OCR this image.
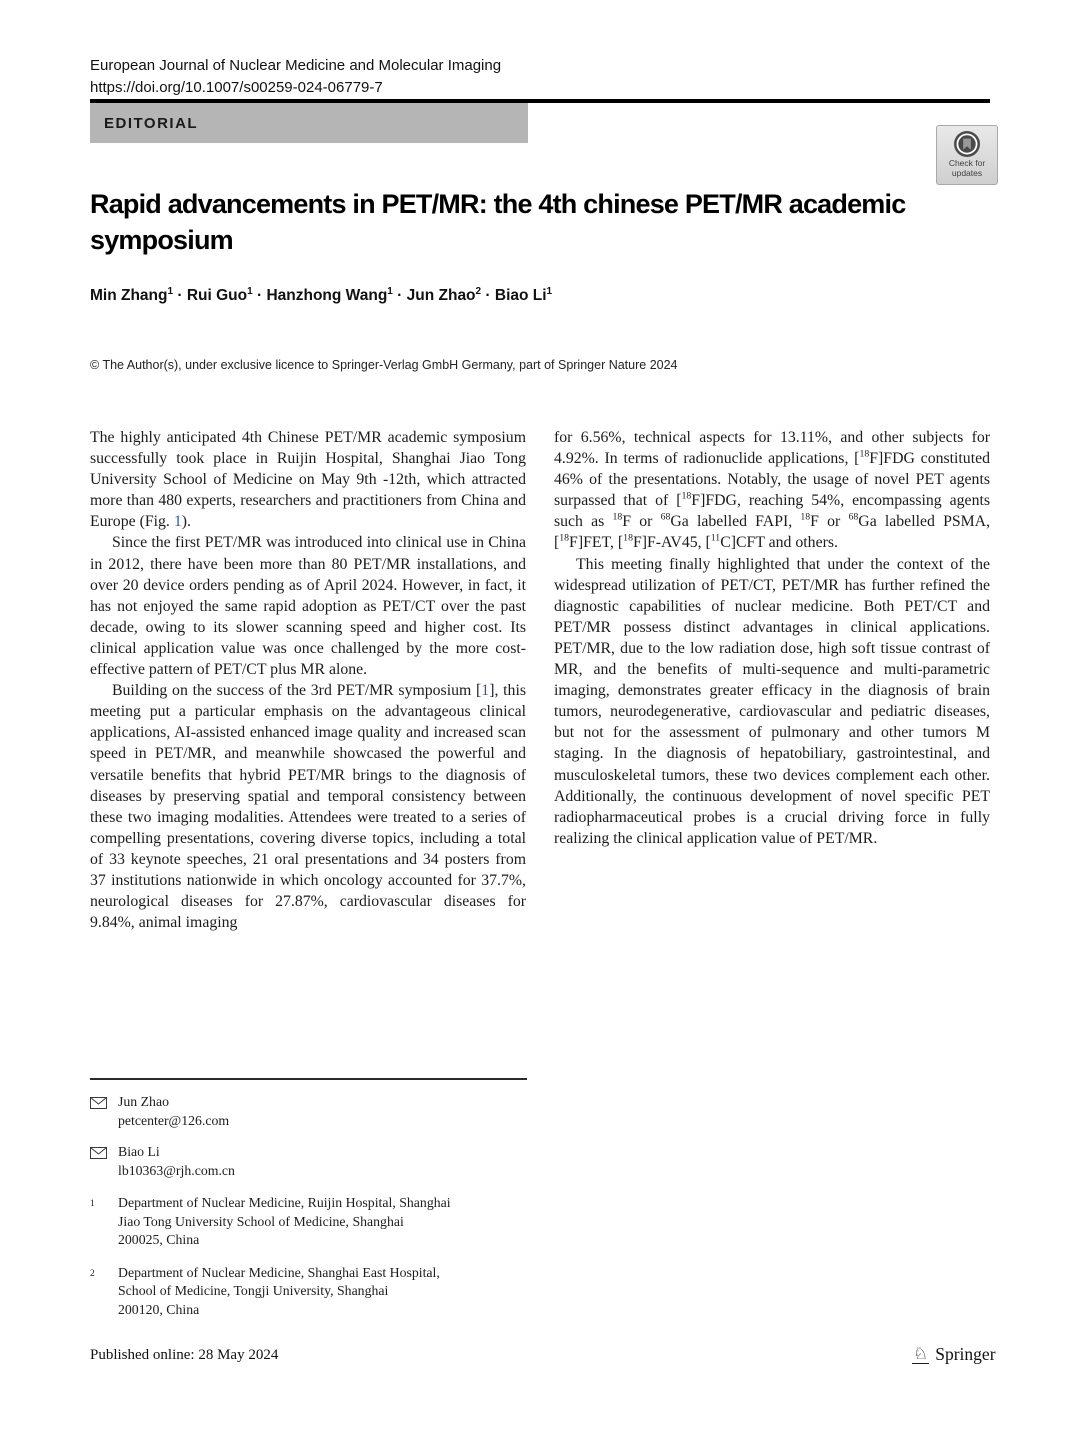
European Journal of Nuclear Medicine and Molecular Imaging
https://doi.org/10.1007/s00259-024-06779-7
EDITORIAL
Check for
updates
Rapid advancements in PET/MR: the 4th chinese PET/MR academic
symposium
Min Zhang$^1$ · Rui Guo$^1$ · Hanzhong Wang$^1$ · Jun Zhao$^2$ · Biao Li$^1$
© The Author(s), under exclusive licence to Springer-Verlag GmbH Germany, part of Springer Nature 2024

The highly anticipated 4th Chinese PET/MR academic symposium successfully took place in Ruijin Hospital, Shanghai Jiao Tong University School of Medicine on May 9th -12th, which attracted more than 480 experts, researchers and practitioners from China and Europe (Fig. 1).

Since the first PET/MR was introduced into clinical use in China in 2012, there have been more than 80 PET/MR installations, and over 20 device orders pending as of April 2024. However, in fact, it has not enjoyed the same rapid adoption as PET/CT over the past decade, owing to its slower scanning speed and higher cost. Its clinical application value was once challenged by the more cost-effective pattern of PET/CT plus MR alone.

Building on the success of the 3rd PET/MR symposium [1], this meeting put a particular emphasis on the advantageous clinical applications, AI-assisted enhanced image quality and increased scan speed in PET/MR, and meanwhile showcased the powerful and versatile benefits that hybrid PET/MR brings to the diagnosis of diseases by preserving spatial and temporal consistency between these two imaging modalities. Attendees were treated to a series of compelling presentations, covering diverse topics, including a total of 33 keynote speeches, 21 oral presentations and 34 posters from 37 institutions nationwide in which oncology accounted for 37.7%, neurological diseases for 27.87%, cardiovascular diseases for 9.84%, animal imaging

for 6.56%, technical aspects for 13.11%, and other subjects for 4.92%. In terms of radionuclide applications, [$^{18}$F]FDG constituted 46% of the presentations. Notably, the usage of novel PET agents surpassed that of [$^{18}$F]FDG, reaching 54%, encompassing agents such as $^{18}$F or $^{68}$Ga labelled FAPI, $^{18}$F or $^{68}$Ga labelled PSMA, [$^{18}$F]FET, [$^{18}$F]F-AV45, [$^{11}$C]CFT and others.

This meeting finally highlighted that under the context of the widespread utilization of PET/CT, PET/MR has further refined the diagnostic capabilities of nuclear medicine. Both PET/CT and PET/MR possess distinct advantages in clinical applications. PET/MR, due to the low radiation dose, high soft tissue contrast of MR, and the benefits of multi-sequence and multi-parametric imaging, demonstrates greater efficacy in the diagnosis of brain tumors, neurodegenerative, cardiovascular and pediatric diseases, but not for the assessment of pulmonary and other tumors M staging. In the diagnosis of hepatobiliary, gastrointestinal, and musculoskeletal tumors, these two devices complement each other. Additionally, the continuous development of novel specific PET radiopharmaceutical probes is a crucial driving force in fully realizing the clinical application value of PET/MR.

Jun Zhao
petcenter@126.com
Biao Li
lb10363@rjh.com.cn
1	Department of Nuclear Medicine, Ruijin Hospital, Shanghai
Jiao Tong University School of Medicine, Shanghai
200025, China
2	Department of Nuclear Medicine, Shanghai East Hospital,
School of Medicine, Tongji University, Shanghai
200120, China
Published online: 28 May 2024	♘ Springer
